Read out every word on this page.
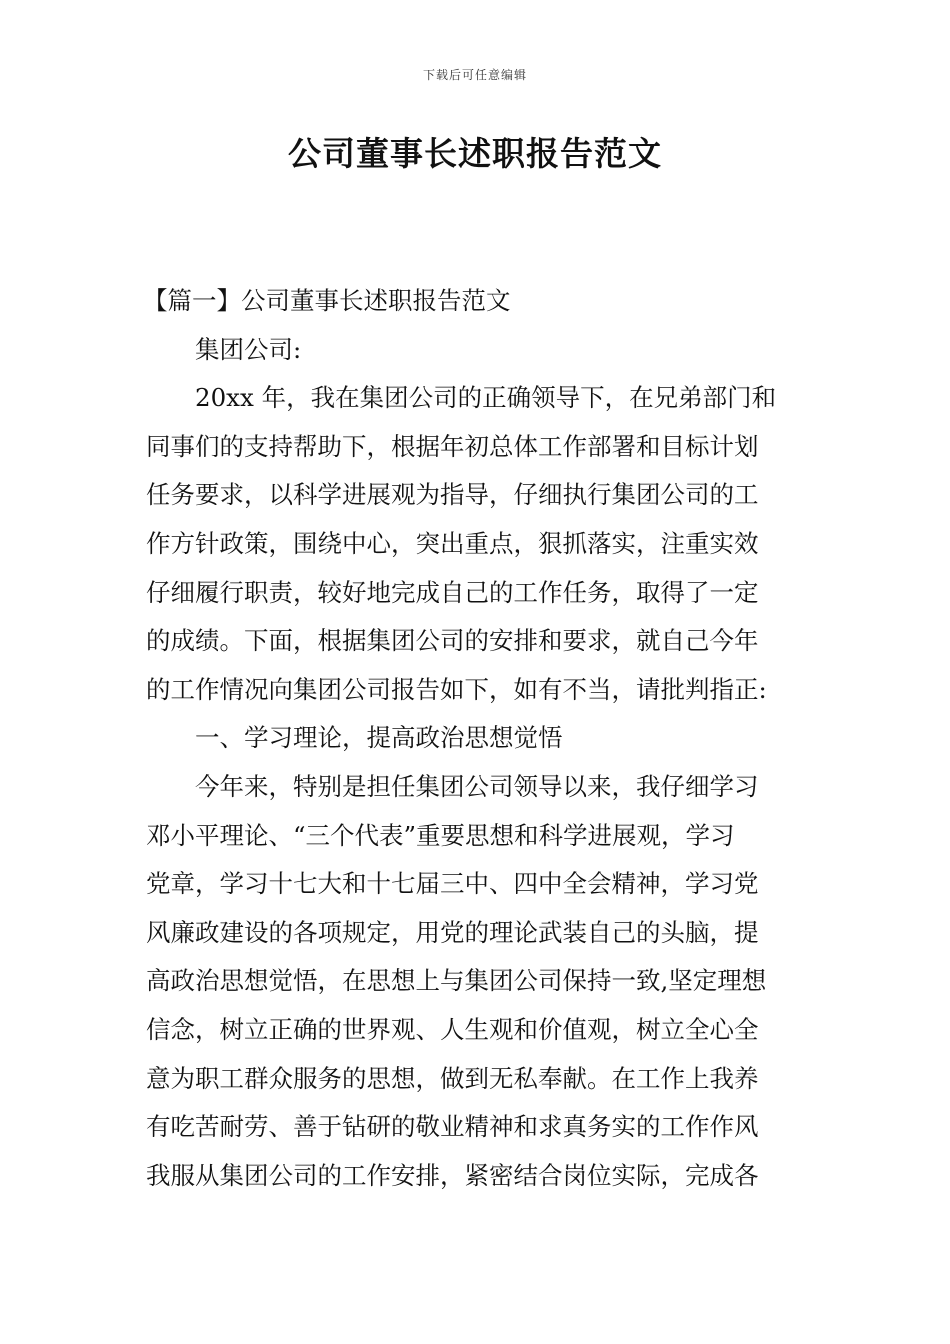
下载后可任意编辑
公司董事长述职报告范文
【篇一】公司董事长述职报告范文
集团公司:
20xx 年，我在集团公司的正确领导下，在兄弟部门和
同事们的支持帮助下，根据年初总体工作部署和目标计划
任务要求，以科学进展观为指导，仔细执行集团公司的工
作方针政策，围绕中心，突出重点，狠抓落实，注重实效
仔细履行职责，较好地完成自己的工作任务，取得了一定
的成绩。下面，根据集团公司的安排和要求，就自己今年
的工作情况向集团公司报告如下，如有不当，请批判指正:
一、学习理论，提高政治思想觉悟
今年来，特别是担任集团公司领导以来，我仔细学习
邓小平理论、“三个代表”重要思想和科学进展观，学习
党章，学习十七大和十七届三中、四中全会精神，学习党
风廉政建设的各项规定，用党的理论武装自己的头脑，提
高政治思想觉悟，在思想上与集团公司保持一致,坚定理想
信念，树立正确的世界观、人生观和价值观，树立全心全
意为职工群众服务的思想，做到无私奉献。在工作上我养
有吃苦耐劳、善于钻研的敬业精神和求真务实的工作作风
我服从集团公司的工作安排，紧密结合岗位实际，完成各
